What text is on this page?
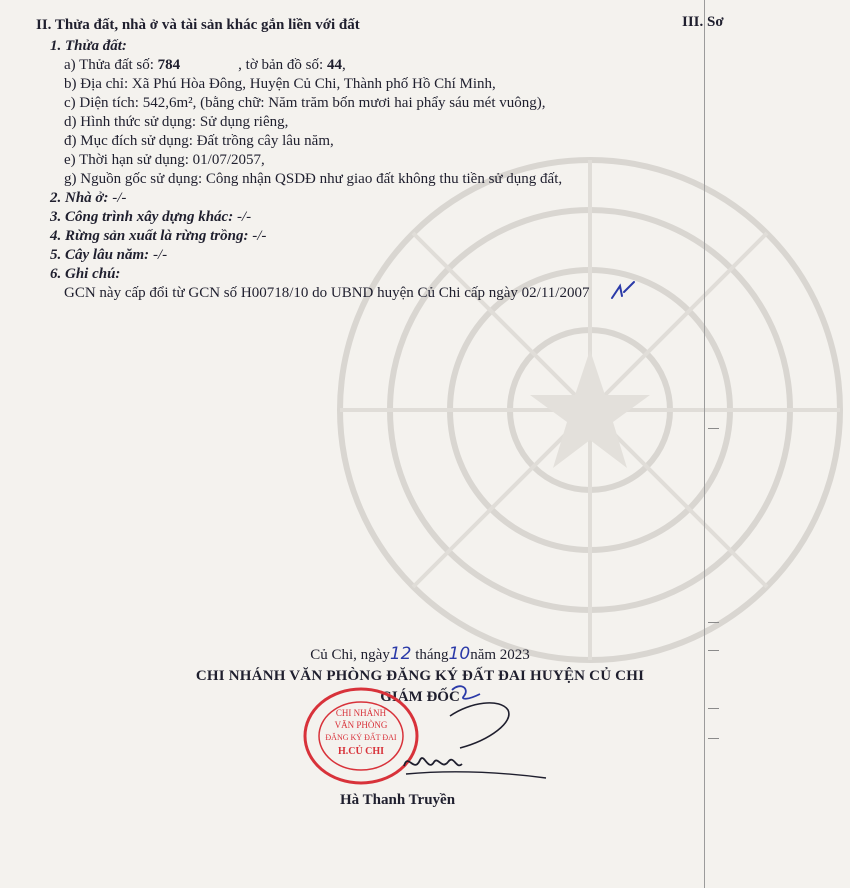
III. Sơ
II. Thửa đất, nhà ở và tài sản khác gắn liền với đất
1. Thửa đất:
a) Thửa đất số: 784	, tờ bản đồ số: 44,
b) Địa chỉ: Xã Phú Hòa Đông, Huyện Củ Chi, Thành phố Hồ Chí Minh,
c) Diện tích: 542,6m², (bằng chữ: Năm trăm bốn mươi hai phẩy sáu mét vuông),
d) Hình thức sử dụng: Sử dụng riêng,
đ) Mục đích sử dụng: Đất trồng cây lâu năm,
e) Thời hạn sử dụng: 01/07/2057,
g) Nguồn gốc sử dụng: Công nhận QSDĐ như giao đất không thu tiền sử dụng đất,
2. Nhà ở: -/-
3. Công trình xây dựng khác: -/-
4. Rừng sản xuất là rừng trồng: -/-
5. Cây lâu năm: -/-
6. Ghi chú:
GCN này cấp đổi từ GCN số H00718/10 do UBND huyện Củ Chi cấp ngày 02/11/2007
Củ Chi, ngày12 tháng10năm 2023
CHI NHÁNH VĂN PHÒNG ĐĂNG KÝ ĐẤT ĐAI HUYỆN CỦ CHI
GIÁM ĐỐC
CHI NHÁNH
VĂN PHÒNG
ĐĂNG KÝ ĐẤT ĐAI
H.CỦ CHI
Hà Thanh Truyền
